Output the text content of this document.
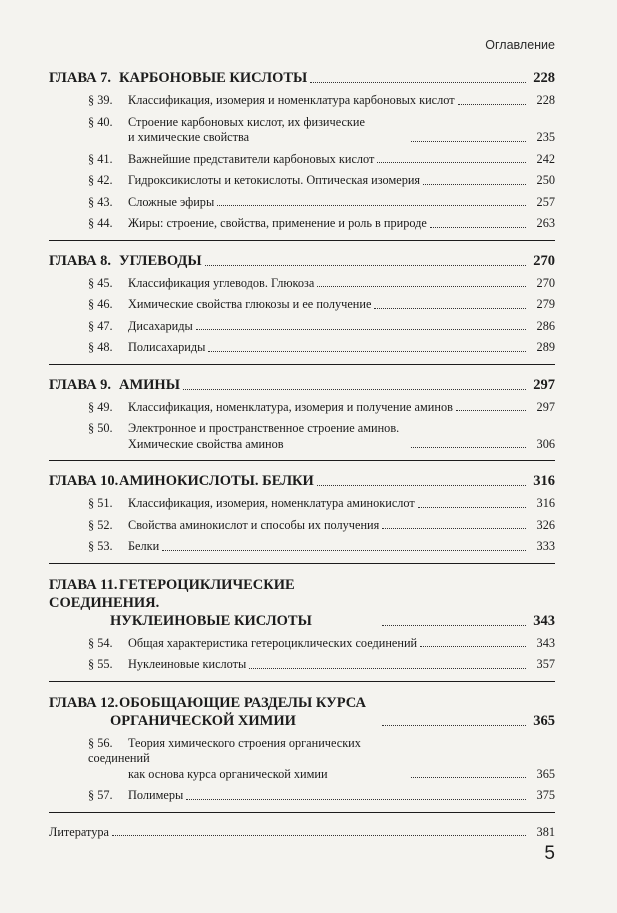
Оглавление
ГЛАВА 7. КАРБОНОВЫЕ КИСЛОТЫ	228
§ 39. Классификация, изомерия и номенклатура карбоновых кислот	228
§ 40. Строение карбоновых кислот, их физические
и химические свойства	235
§ 41. Важнейшие представители карбоновых кислот	242
§ 42. Гидроксикислоты и кетокислоты. Оптическая изомерия	250
§ 43. Сложные эфиры	257
§ 44. Жиры: строение, свойства, применение и роль в природе	263
ГЛАВА 8. УГЛЕВОДЫ	270
§ 45. Классификация углеводов. Глюкоза	270
§ 46. Химические свойства глюкозы и ее получение	279
§ 47. Дисахариды	286
§ 48. Полисахариды	289
ГЛАВА 9. АМИНЫ	297
§ 49. Классификация, номенклатура, изомерия и получение аминов	297
§ 50. Электронное и пространственное строение аминов.
Химические свойства аминов	306
ГЛАВА 10.АМИНОКИСЛОТЫ. БЕЛКИ	316
§ 51. Классификация, изомерия, номенклатура аминокислот	316
§ 52. Свойства аминокислот и способы их получения	326
§ 53. Белки	333
ГЛАВА 11. ГЕТЕРОЦИКЛИЧЕСКИЕ СОЕДИНЕНИЯ.
НУКЛЕИНОВЫЕ КИСЛОТЫ	343
§ 54. Общая характеристика гетероциклических соединений	343
§ 55. Нуклеиновые кислоты	357
ГЛАВА 12.ОБОБЩАЮЩИЕ РАЗДЕЛЫ КУРСА
ОРГАНИЧЕСКОЙ ХИМИИ	365
§ 56. Теория химического строения органических соединений
как основа курса органической химии	365
§ 57. Полимеры	375
Литература	381
5
